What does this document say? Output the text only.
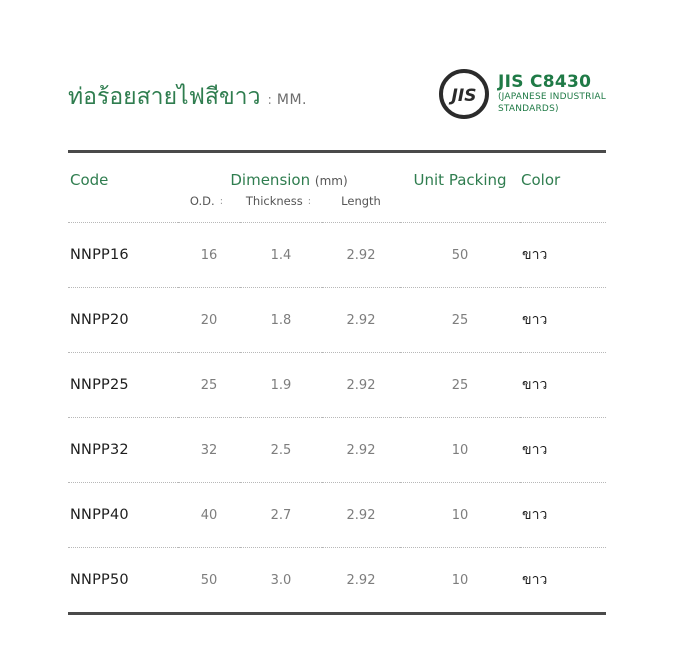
ท่อร้อยสายไฟสีขาว : MM.	JIS
JIS C8430
(JAPANESE INDUSTRIAL
STANDARDS)
Code	Dimension (mm)			Unit Packing	Color
	O.D. :	Thickness :	Length		
NNPP16	16	1.4	2.92	50	ขาว
NNPP20	20	1.8	2.92	25	ขาว
NNPP25	25	1.9	2.92	25	ขาว
NNPP32	32	2.5	2.92	10	ขาว
NNPP40	40	2.7	2.92	10	ขาว
NNPP50	50	3.0	2.92	10	ขาว
